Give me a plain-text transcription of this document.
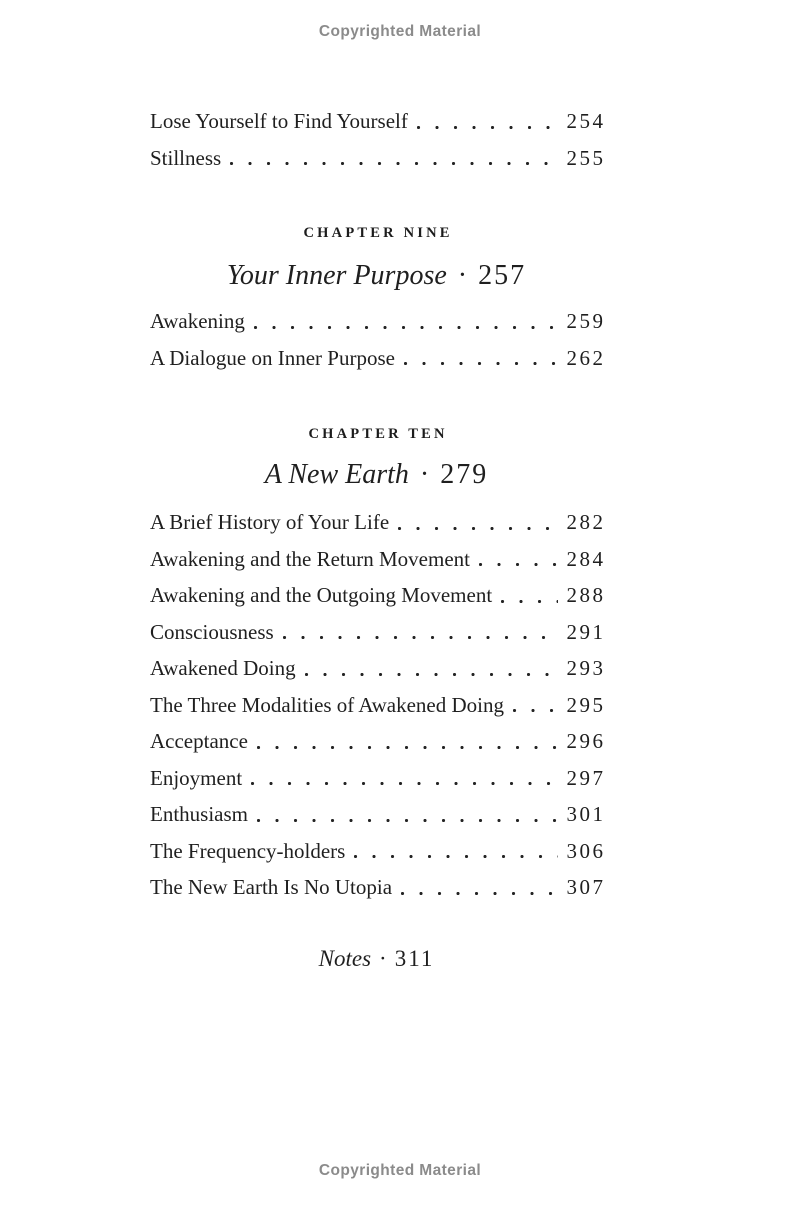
Copyrighted Material
Lose Yourself to Find Yourself	254
Stillness	255
CHAPTER NINE
Your Inner Purpose · 257
Awakening	259
A Dialogue on Inner Purpose	262
CHAPTER TEN
A New Earth · 279
A Brief History of Your Life	282
Awakening and the Return Movement	284
Awakening and the Outgoing Movement	288
Consciousness	291
Awakened Doing	293
The Three Modalities of Awakened Doing	295
Acceptance	296
Enjoyment	297
Enthusiasm	301
The Frequency-holders	306
The New Earth Is No Utopia	307
Notes · 311
Copyrighted Material
